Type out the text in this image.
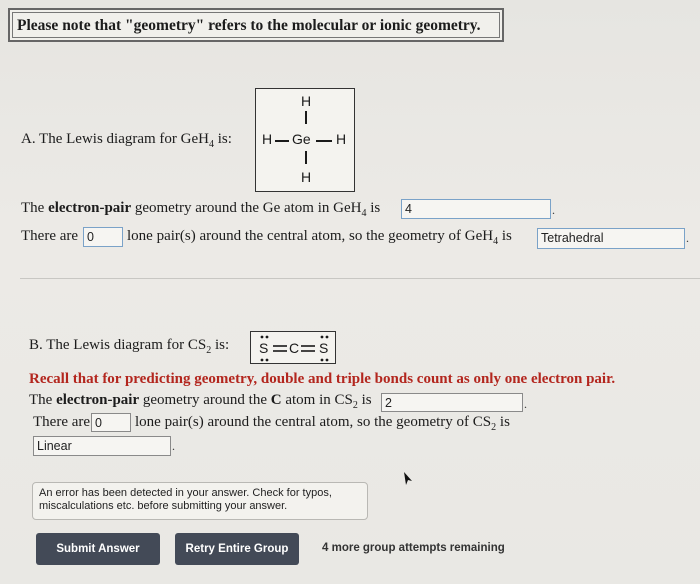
Please note that "geometry" refers to the molecular or ionic geometry.
A. The Lewis diagram for GeH$_4$ is:
H
H Ge H
H
The electron-pair geometry around the Ge atom in GeH$_4$ is	4	.
There are 0	lone pair(s) around the central atom, so the geometry of GeH$_4$ is	Tetrahedral	.
B. The Lewis diagram for $CS_2$ is: S C S
Recall that for predicting geometry, double and triple bonds count as only one electron pair.
The electron-pair geometry around the C atom in $CS_2$ is	2	.
There are 0	lone pair(s) around the central atom, so the geometry of $CS_2$ is
Linear	.
An error has been detected in your answer. Check for typos, miscalculations etc. before submitting your answer.
Submit Answer	Retry Entire Group	4 more group attempts remaining
